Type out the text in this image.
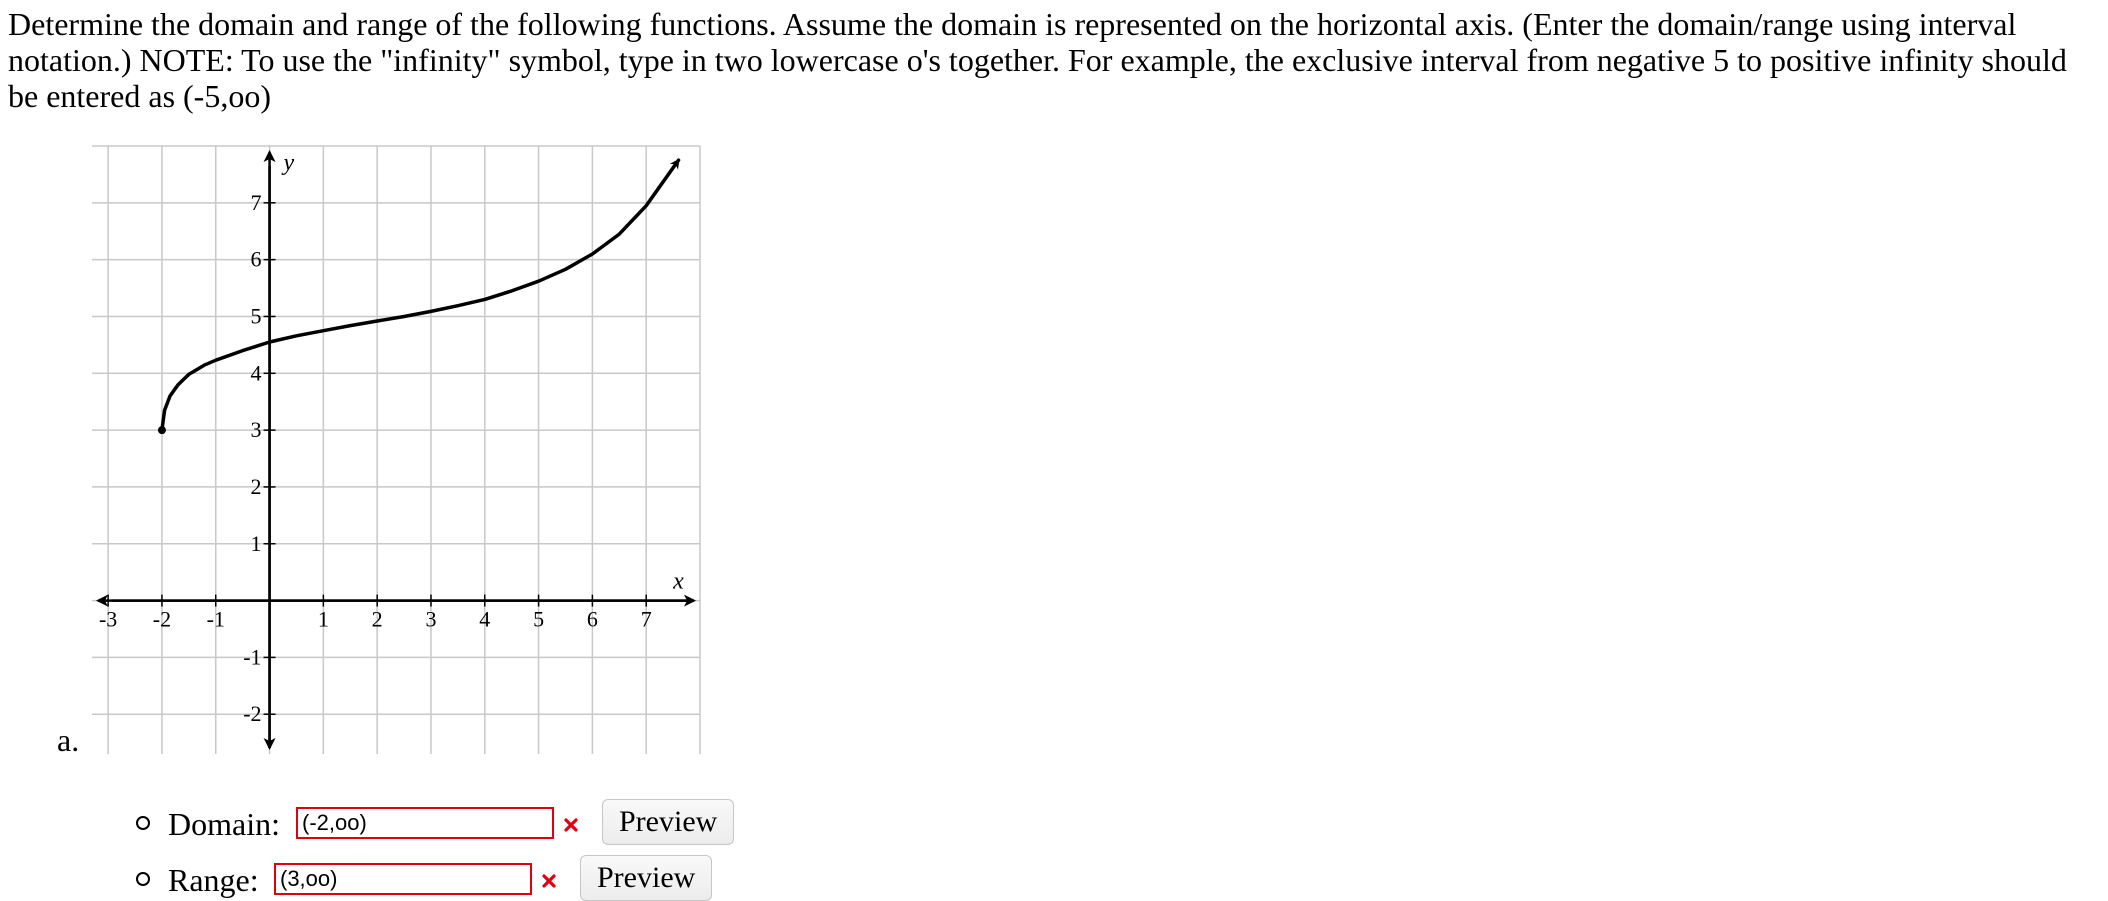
Determine the domain and range of the following functions. Assume the domain is represented on the horizontal axis. (Enter the domain/range using interval notation.) NOTE: To use the "infinity" symbol, type in two lowercase o's together. For example, the exclusive interval from negative 5 to positive infinity should be entered as (-5,oo)
a.
-3 -2 -1	1 2 3 4 5 6 7
-2
-1
1
2
3
4
5
6
7
x
y
Domain:
(-2,oo)	Preview
Range:
(3,oo)	Preview
